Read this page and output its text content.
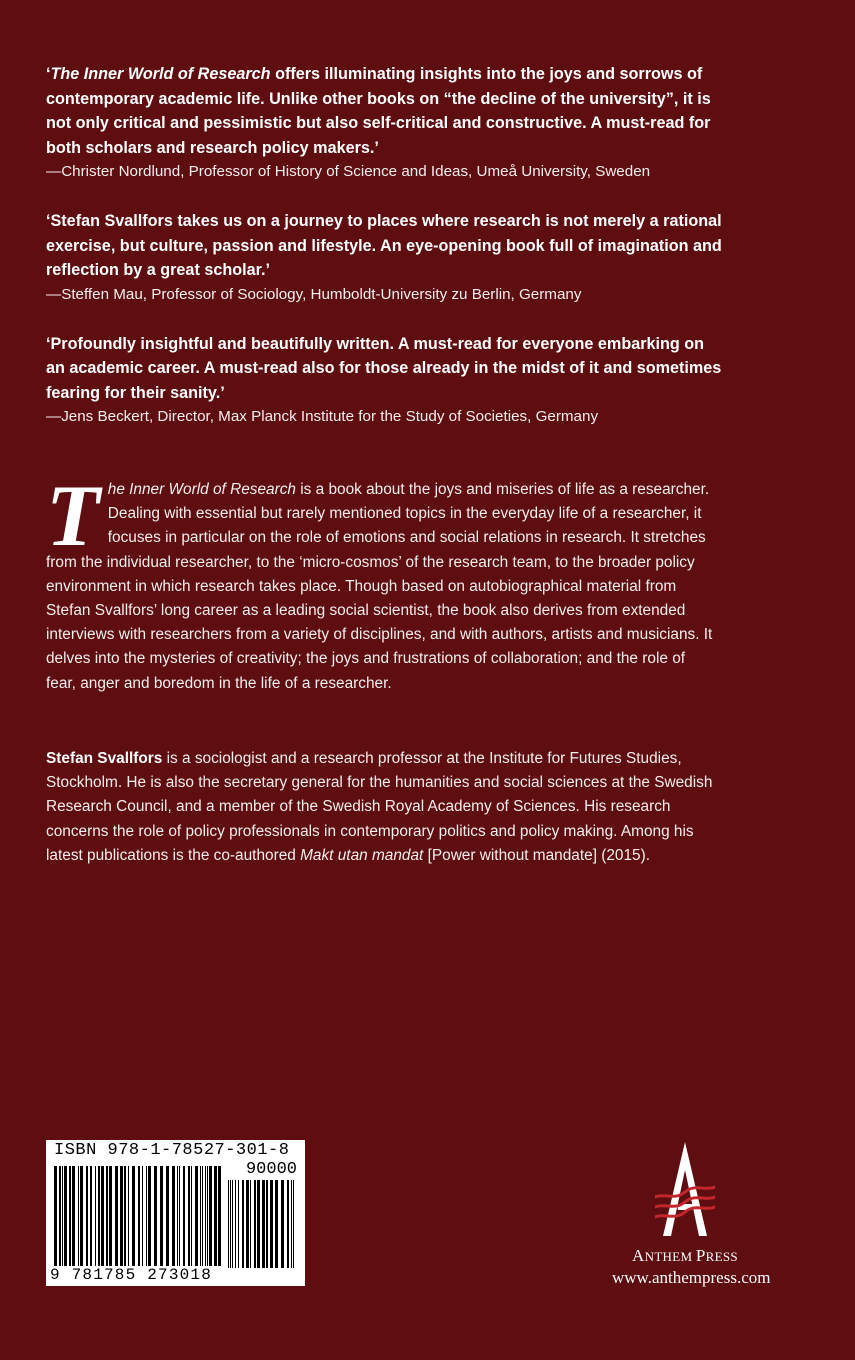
‘The Inner World of Research offers illuminating insights into the joys and sorrows of contemporary academic life. Unlike other books on “the decline of the university”, it is not only critical and pessimistic but also self-critical and constructive. A must-read for both scholars and research policy makers.’

—Christer Nordlund, Professor of History of Science and Ideas, Umeå University, Sweden

‘Stefan Svallfors takes us on a journey to places where research is not merely a rational exercise, but culture, passion and lifestyle. An eye-opening book full of imagination and reflection by a great scholar.’

—Steffen Mau, Professor of Sociology, Humboldt-University zu Berlin, Germany

‘Profoundly insightful and beautifully written. A must-read for everyone embarking on an academic career. A must-read also for those already in the midst of it and sometimes fearing for their sanity.’

—Jens Beckert, Director, Max Planck Institute for the Study of Societies, Germany

The Inner World of Research is a book about the joys and miseries of life as a researcher. Dealing with essential but rarely mentioned topics in the everyday life of a researcher, it focuses in particular on the role of emotions and social relations in research. It stretches from the individual researcher, to the ‘micro-cosmos’ of the research team, to the broader policy environment in which research takes place. Though based on autobiographical material from Stefan Svallfors’ long career as a leading social scientist, the book also derives from extended interviews with researchers from a variety of disciplines, and with authors, artists and musicians. It delves into the mysteries of creativity; the joys and frustrations of collaboration; and the role of fear, anger and boredom in the life of a researcher.

Stefan Svallfors is a sociologist and a research professor at the Institute for Futures Studies, Stockholm. He is also the secretary general for the humanities and social sciences at the Swedish Research Council, and a member of the Swedish Royal Academy of Sciences. His research concerns the role of policy professionals in contemporary politics and policy making. Among his latest publications is the co-authored Makt utan mandat [Power without mandate] (2015).

ISBN 978-1-78527-301-8
90000
9 781785 273018
ANTHEM PRESS
www.anthempress.com
